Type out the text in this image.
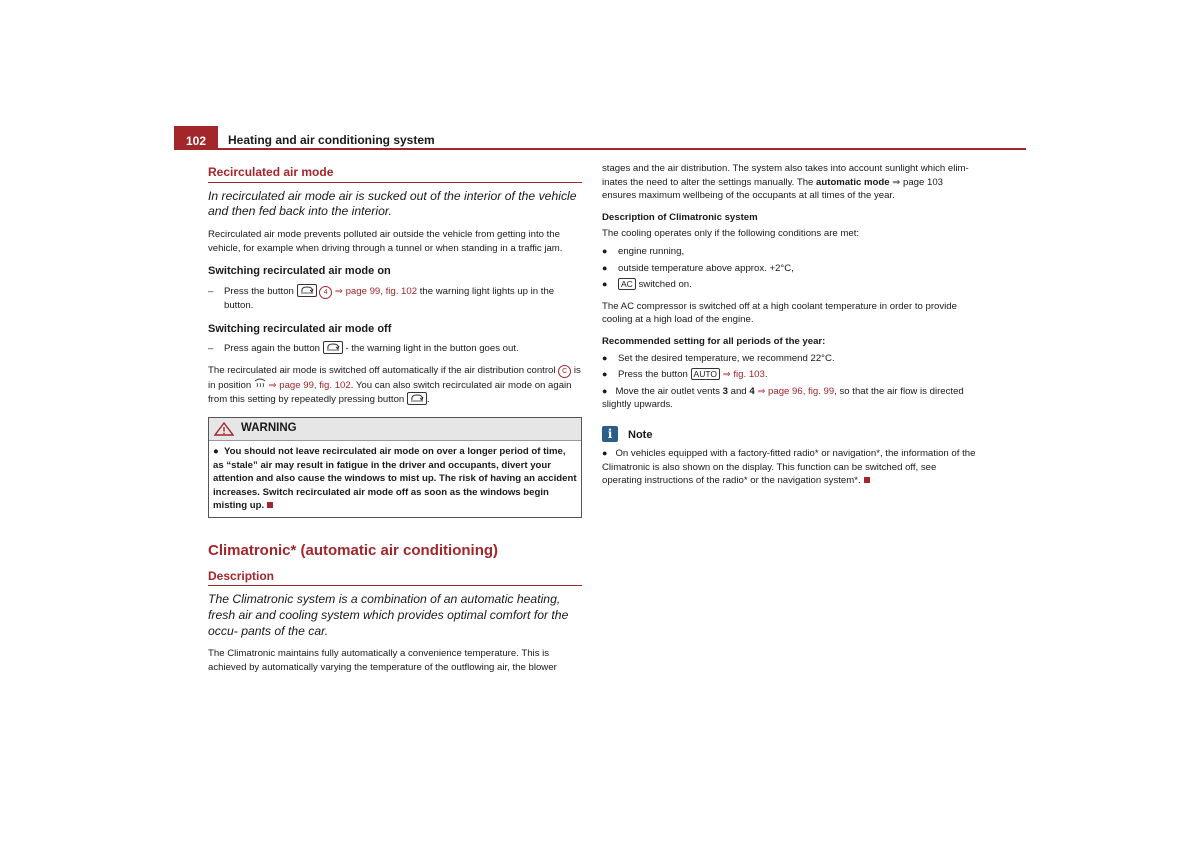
102	Heating and air conditioning system
Recirculated air mode
In recirculated air mode air is sucked out of the interior of the vehicle and then fed back into the interior.

Recirculated air mode prevents polluted air outside the vehicle from getting into the vehicle, for example when driving through a tunnel or when standing in a traffic jam.

Switching recirculated air mode on
– Press the button	4 ⇒ page 99, fig. 102 the warning light lights up in the button.
Switching recirculated air mode off
– Press again the button  - the warning light in the button goes out.

The recirculated air mode is switched off automatically if the air distribution control C is in position  ⇒ page 99, fig. 102. You can also switch recirculated air mode on again from this setting by repeatedly pressing button .

WARNING
● You should not leave recirculated air mode on over a longer period of time, as “stale” air may result in fatigue in the driver and occupants, divert your attention and also cause the windows to mist up. The risk of having an accident increases. Switch recirculated air mode off as soon as the windows begin misting up.
Climatronic* (automatic air conditioning)
Description
The Climatronic system is a combination of an automatic heating, fresh air and cooling system which provides optimal comfort for the occu- pants of the car.

The Climatronic maintains fully automatically a convenience temperature. This is achieved by automatically varying the temperature of the outflowing air, the blower

stages and the air distribution. The system also takes into account sunlight which elim- inates the need to alter the settings manually. The automatic mode ⇒ page 103 ensures maximum wellbeing of the occupants at all times of the year.

Description of Climatronic system

The cooling operates only if the following conditions are met:

● engine running,
● outside temperature above approx. +2°C,
● AC switched on.

The AC compressor is switched off at a high coolant temperature in order to provide cooling at a high load of the engine.

Recommended setting for all periods of the year:
● Set the desired temperature, we recommend 22°C.
● Press the button AUTO ⇒ fig. 103.
● Move the air outlet vents 3 and 4 ⇒ page 96, fig. 99, so that the air flow is directed slightly upwards.
i	Note

● On vehicles equipped with a factory-fitted radio* or navigation*, the information of the Climatronic is also shown on the display. This function can be switched off, see operating instructions of the radio* or the navigation system*.
